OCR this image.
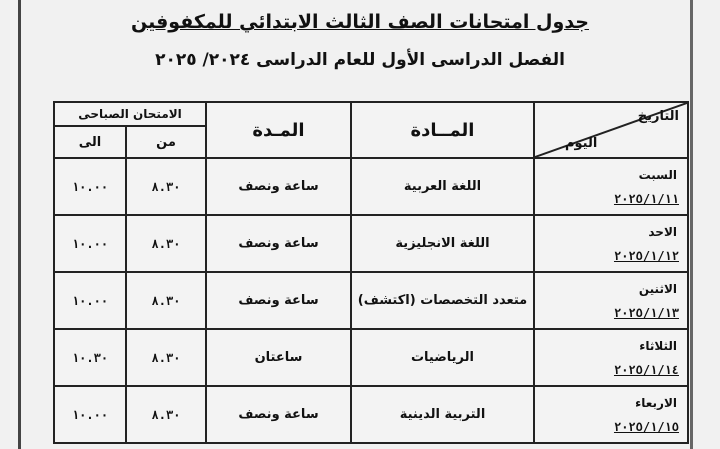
جدول امتحانات الصف الثالث الابتدائي للمكفوفين
الفصل الدراسى الأول للعام الدراسى ٢٠٢٤/ ٢٠٢٥
الامتحان الصباحى		المـدة	المــادة	التاريخ
اليوم

الى	من			
١٠.٠٠	٨.٣٠	ساعة ونصف	اللغة العربية	السبت
٢٠٢٥/١/١١

١٠.٠٠	٨.٣٠	ساعة ونصف	اللغة الانجليزية	الاحد
٢٠٢٥/١/١٢

١٠.٠٠	٨.٣٠	ساعة ونصف	متعدد التخصصات (اكتشف)	الاثنين
٢٠٢٥/١/١٣

١٠.٣٠	٨.٣٠	ساعتان	الرياضيات	الثلاثاء
٢٠٢٥/١/١٤

١٠.٠٠	٨.٣٠	ساعة ونصف	التربية الدينية	الاربعاء
٢٠٢٥/١/١٥
